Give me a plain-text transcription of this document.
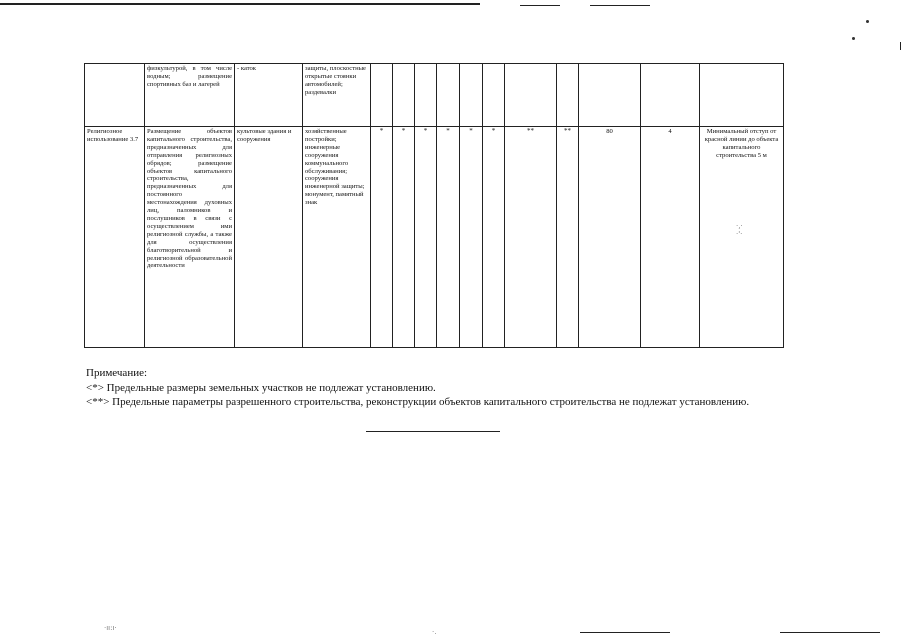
	физкультурой, в том числе водным; размещение спортивных баз и лагерей	- каток	защиты, плоскостные открытые стоянки автомобилей; раздевалки											
Религиозное использование 3.7	Размещение объектов капитального строительства, предназначенных для отправления религиозных обрядов; размещение объектов капитального строительства, предназначенных для постоянного местонахождения духовных лиц, паломников и послушников в связи с осуществлением ими религиозной службы, а также для осуществления благотворительной и религиозной образовательной деятельности	культовые здания и сооружения	хозяйственные постройки; инженерные сооружения коммунального обслуживания; сооружения инженерной защиты; монумент, памятный знак	*	*	*	*	*	*	**	**	80	4	Минимальный отступ от красной линии до объекта капитального строительства 5 м
·,·
·'·
Примечание:
<*> Предельные размеры земельных участков не подлежат установлению.
<**> Предельные параметры разрешенного строительства, реконструкции объектов капитального строительства не подлежат установлению.
·ıı:ı·	·.
